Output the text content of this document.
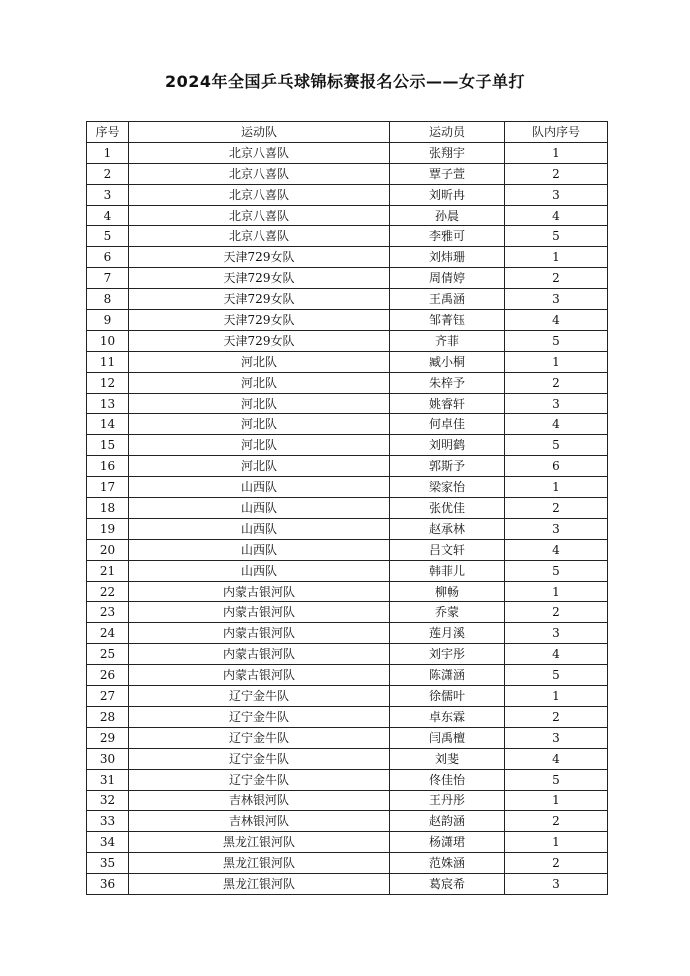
2024年全国乒乓球锦标赛报名公示——女子单打
序号	运动队	运动员	队内序号
1	北京八喜队	张翔宇	1
2	北京八喜队	覃子萱	2
3	北京八喜队	刘昕冉	3
4	北京八喜队	孙晨	4
5	北京八喜队	李雅可	5
6	天津729女队	刘炜珊	1
7	天津729女队	周倩婷	2
8	天津729女队	王禹涵	3
9	天津729女队	邹菁钰	4
10	天津729女队	齐菲	5
11	河北队	臧小桐	1
12	河北队	朱梓予	2
13	河北队	姚睿轩	3
14	河北队	何卓佳	4
15	河北队	刘明鹤	5
16	河北队	郭斯予	6
17	山西队	梁家怡	1
18	山西队	张优佳	2
19	山西队	赵承林	3
20	山西队	吕文轩	4
21	山西队	韩菲儿	5
22	内蒙古银河队	柳畅	1
23	内蒙古银河队	乔蒙	2
24	内蒙古银河队	莲月溪	3
25	内蒙古银河队	刘宇彤	4
26	内蒙古银河队	陈潇涵	5
27	辽宁金牛队	徐儒叶	1
28	辽宁金牛队	卓东霖	2
29	辽宁金牛队	闫禹檀	3
30	辽宁金牛队	刘斐	4
31	辽宁金牛队	佟佳怡	5
32	吉林银河队	王丹彤	1
33	吉林银河队	赵韵涵	2
34	黑龙江银河队	杨潇珺	1
35	黑龙江银河队	范姝涵	2
36	黑龙江银河队	葛宸希	3
